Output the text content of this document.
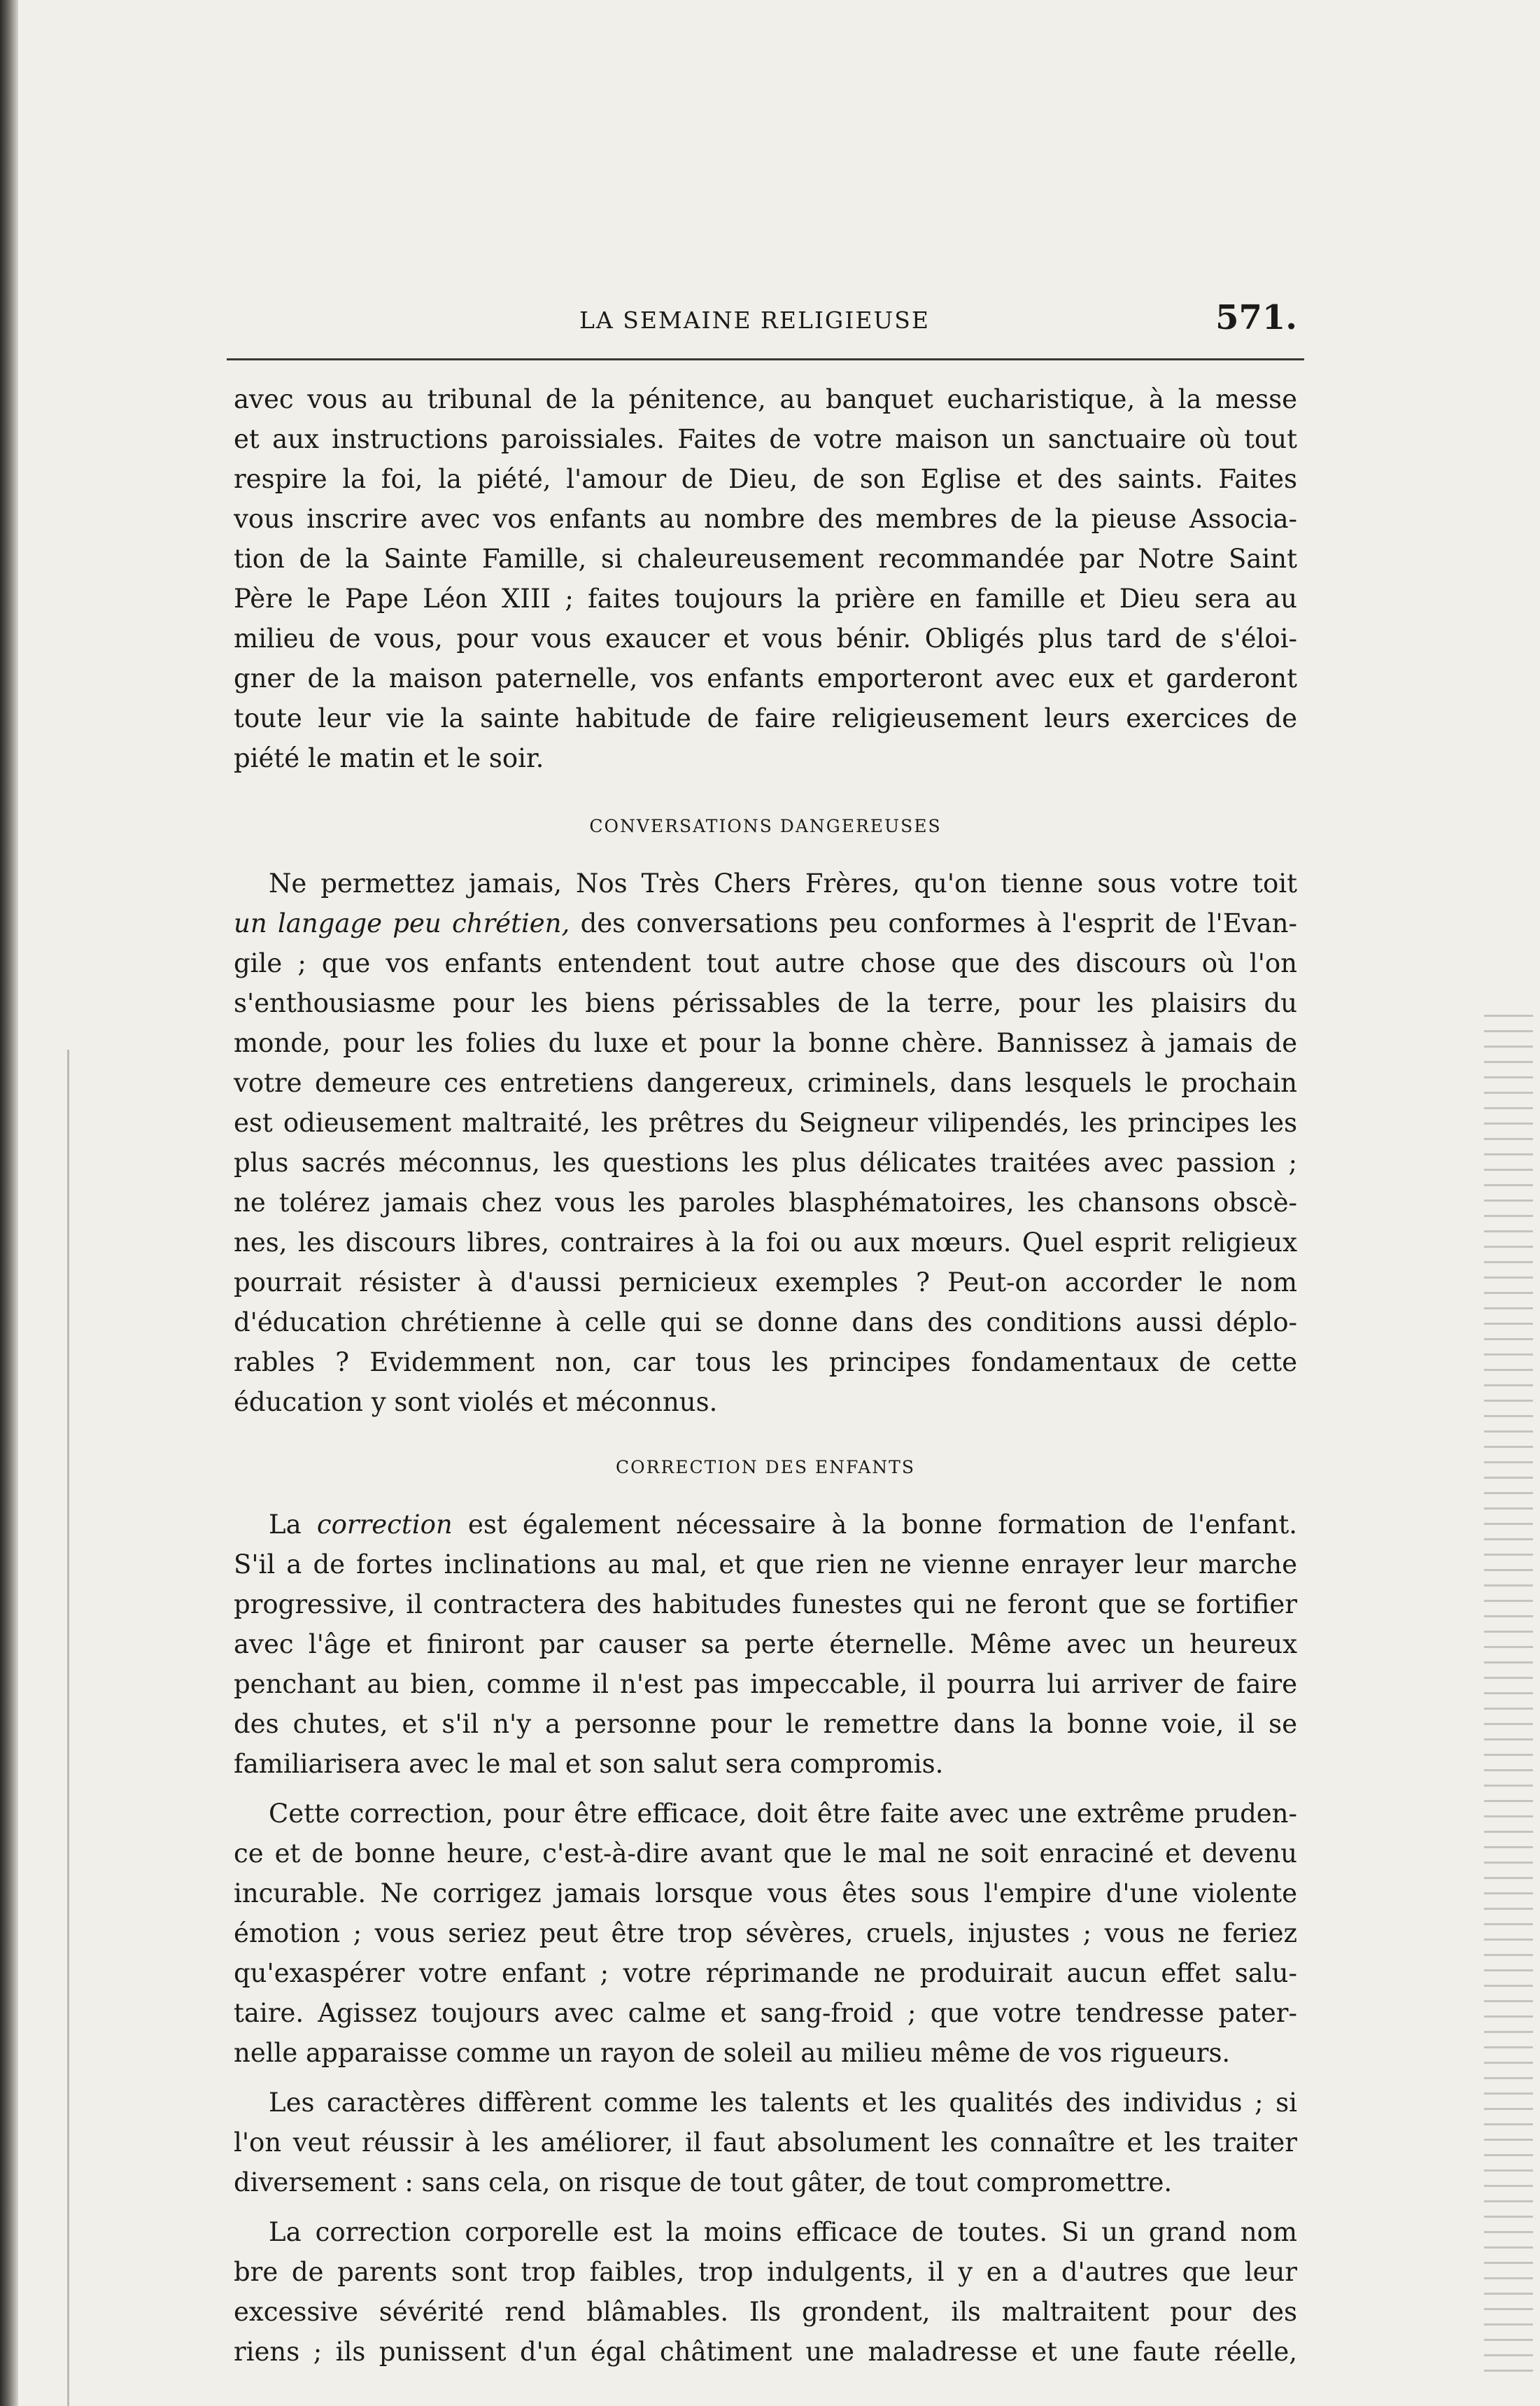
LA SEMAINE RELIGIEUSE	571.
avec vous au tribunal de la pénitence, au banquet eucharistique, à la messe
et aux instructions paroissiales. Faites de votre maison un sanctuaire où tout
respire la foi, la piété, l'amour de Dieu, de son Eglise et des saints. Faites
vous inscrire avec vos enfants au nombre des membres de la pieuse Associa-
tion de la Sainte Famille, si chaleureusement recommandée par Notre Saint
Père le Pape Léon XIII ; faites toujours la prière en famille et Dieu sera au
milieu de vous, pour vous exaucer et vous bénir. Obligés plus tard de s'éloi-
gner de la maison paternelle, vos enfants emporteront avec eux et garderont
toute leur vie la sainte habitude de faire religieusement leurs exercices de
piété le matin et le soir.
CONVERSATIONS DANGEREUSES
Ne permettez jamais, Nos Très Chers Frères, qu'on tienne sous votre toit
un langage peu chrétien, des conversations peu conformes à l'esprit de l'Evan-
gile ; que vos enfants entendent tout autre chose que des discours où l'on
s'enthousiasme pour les biens périssables de la terre, pour les plaisirs du
monde, pour les folies du luxe et pour la bonne chère. Bannissez à jamais de
votre demeure ces entretiens dangereux, criminels, dans lesquels le prochain
est odieusement maltraité, les prêtres du Seigneur vilipendés, les principes les
plus sacrés méconnus, les questions les plus délicates traitées avec passion ;
ne tolérez jamais chez vous les paroles blasphématoires, les chansons obscè-
nes, les discours libres, contraires à la foi ou aux mœurs. Quel esprit religieux
pourrait résister à d'aussi pernicieux exemples ? Peut-on accorder le nom
d'éducation chrétienne à celle qui se donne dans des conditions aussi déplo-
rables ? Evidemment non, car tous les principes fondamentaux de cette
éducation y sont violés et méconnus.
CORRECTION DES ENFANTS
La correction est également nécessaire à la bonne formation de l'enfant.
S'il a de fortes inclinations au mal, et que rien ne vienne enrayer leur marche
progressive, il contractera des habitudes funestes qui ne feront que se fortifier
avec l'âge et finiront par causer sa perte éternelle. Même avec un heureux
penchant au bien, comme il n'est pas impeccable, il pourra lui arriver de faire
des chutes, et s'il n'y a personne pour le remettre dans la bonne voie, il se
familiarisera avec le mal et son salut sera compromis.
Cette correction, pour être efficace, doit être faite avec une extrême pruden-
ce et de bonne heure, c'est-à-dire avant que le mal ne soit enraciné et devenu
incurable. Ne corrigez jamais lorsque vous êtes sous l'empire d'une violente
émotion ; vous seriez peut être trop sévères, cruels, injustes ; vous ne feriez
qu'exaspérer votre enfant ; votre réprimande ne produirait aucun effet salu-
taire. Agissez toujours avec calme et sang-froid ; que votre tendresse pater-
nelle apparaisse comme un rayon de soleil au milieu même de vos rigueurs.
Les caractères diffèrent comme les talents et les qualités des individus ; si
l'on veut réussir à les améliorer, il faut absolument les connaître et les traiter
diversement : sans cela, on risque de tout gâter, de tout compromettre.
La correction corporelle est la moins efficace de toutes. Si un grand nom
bre de parents sont trop faibles, trop indulgents, il y en a d'autres que leur
excessive sévérité rend blâmables. Ils grondent, ils maltraitent pour des
riens ; ils punissent d'un égal châtiment une maladresse et une faute réelle,
